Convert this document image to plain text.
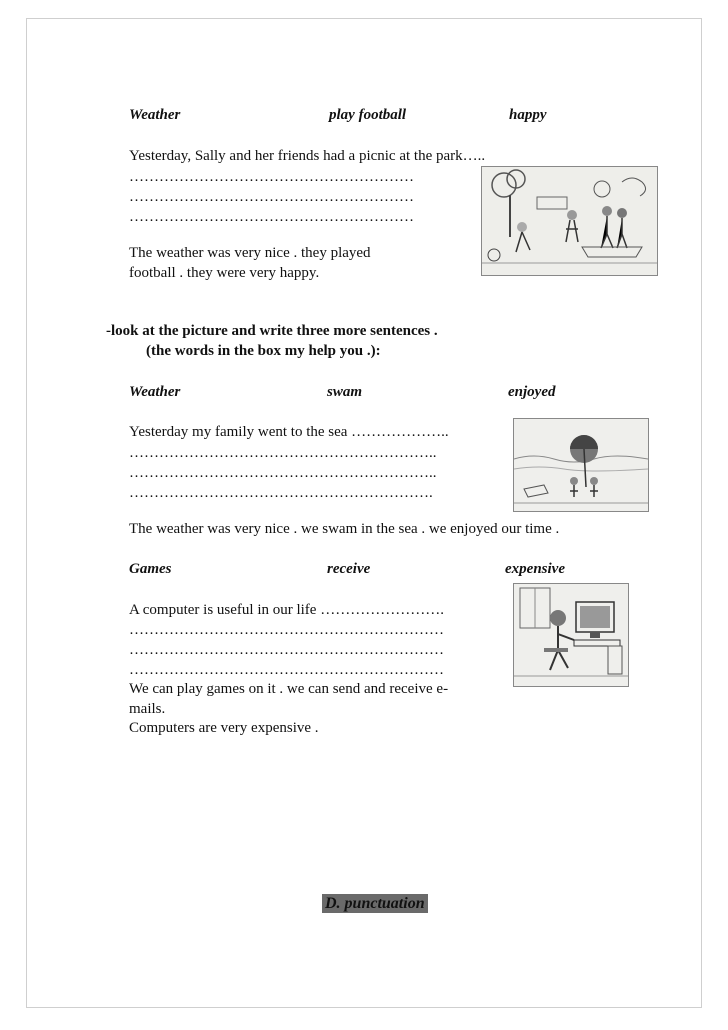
Weather	play football	happy
Yesterday, Sally and her friends had a picnic at the park…..
…………………………………………………
…………………………………………………
…………………………………………………
The weather was very nice . they played
football . they were very happy.
-look at the picture and write three more sentences .
(the words in the box my help you .):
Weather	swam	enjoyed
Yesterday my family went to the sea ………………..
……………………………………………………..
……………………………………………………..
…………………………………………………….
The weather was very nice . we swam in the sea . we enjoyed our time .
Games	receive	expensive
A computer is useful in our life …………………….
………………………………………………………
………………………………………………………
………………………………………………………
We can play games on it . we can send and receive e-
mails.
Computers are very expensive .
D. punctuation
